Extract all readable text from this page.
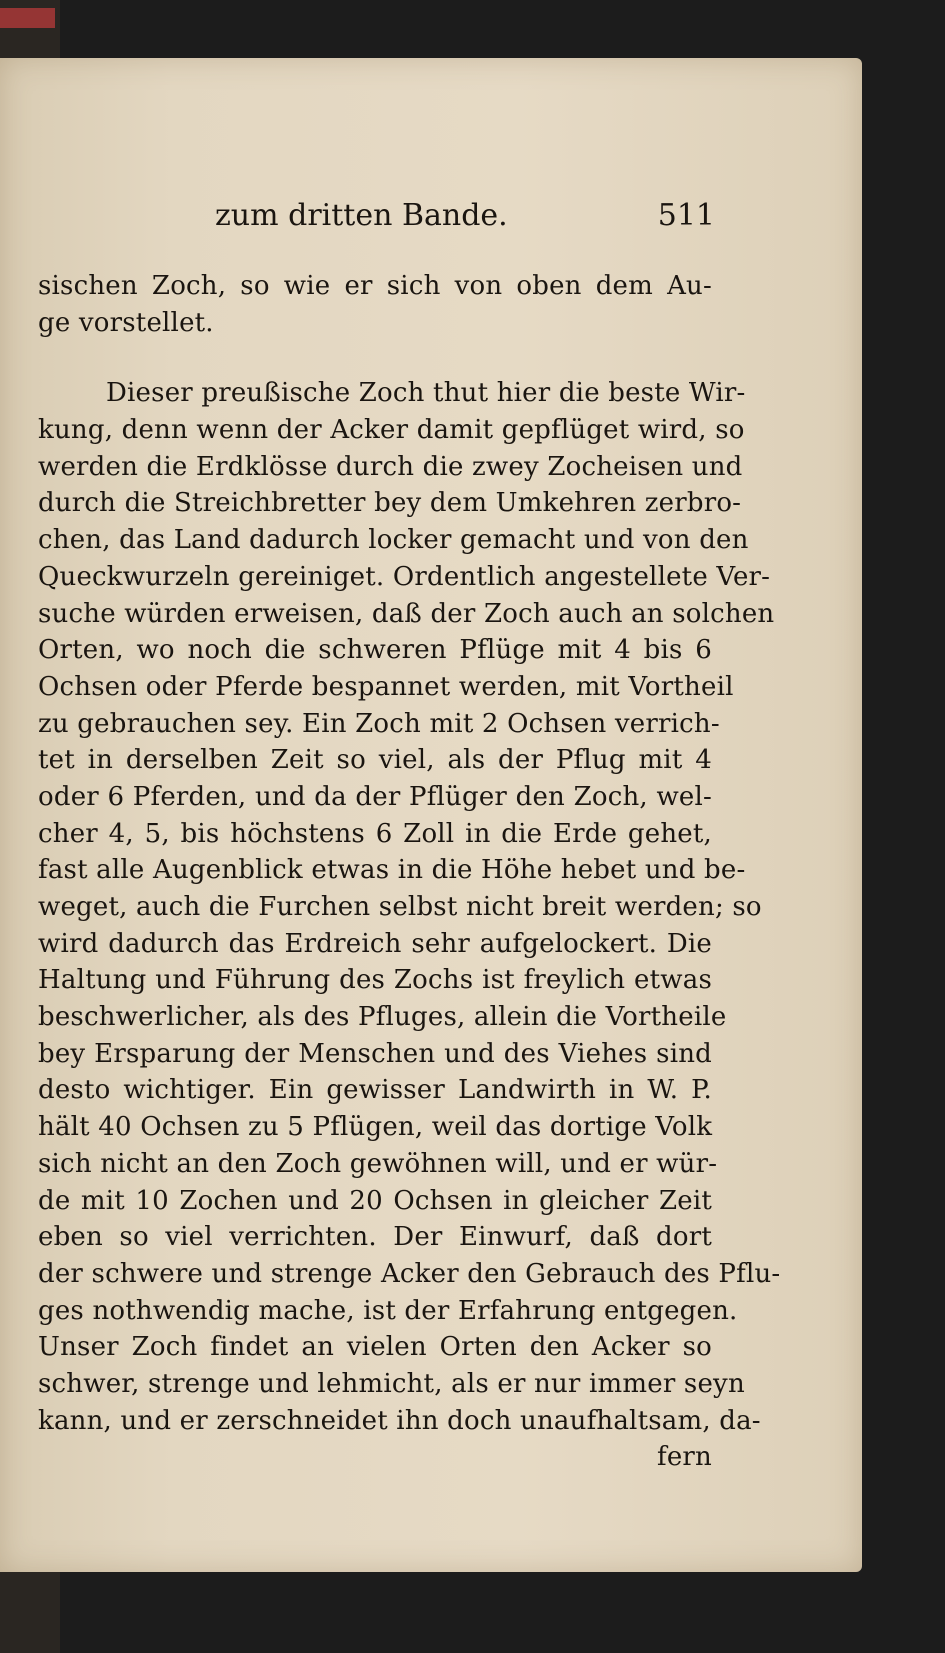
zum dritten Bande.	511
sischen Zoch, so wie er sich von oben dem Au-
ge vorstellet.
Dieser preußische Zoch thut hier die beste Wir-
kung, denn wenn der Acker damit gepflüget wird, so
werden die Erdklösse durch die zwey Zocheisen und
durch die Streichbretter bey dem Umkehren zerbro-
chen, das Land dadurch locker gemacht und von den
Queckwurzeln gereiniget. Ordentlich angestellete Ver-
suche würden erweisen, daß der Zoch auch an solchen
Orten, wo noch die schweren Pflüge mit 4 bis 6
Ochsen oder Pferde bespannet werden, mit Vortheil
zu gebrauchen sey. Ein Zoch mit 2 Ochsen verrich-
tet in derselben Zeit so viel, als der Pflug mit 4
oder 6 Pferden, und da der Pflüger den Zoch, wel-
cher 4, 5, bis höchstens 6 Zoll in die Erde gehet,
fast alle Augenblick etwas in die Höhe hebet und be-
weget, auch die Furchen selbst nicht breit werden; so
wird dadurch das Erdreich sehr aufgelockert. Die
Haltung und Führung des Zochs ist freylich etwas
beschwerlicher, als des Pfluges, allein die Vortheile
bey Ersparung der Menschen und des Viehes sind
desto wichtiger. Ein gewisser Landwirth in W. P.
hält 40 Ochsen zu 5 Pflügen, weil das dortige Volk
sich nicht an den Zoch gewöhnen will, und er wür-
de mit 10 Zochen und 20 Ochsen in gleicher Zeit
eben so viel verrichten. Der Einwurf, daß dort
der schwere und strenge Acker den Gebrauch des Pflu-
ges nothwendig mache, ist der Erfahrung entgegen.
Unser Zoch findet an vielen Orten den Acker so
schwer, strenge und lehmicht, als er nur immer seyn
kann, und er zerschneidet ihn doch unaufhaltsam, da-
fern
